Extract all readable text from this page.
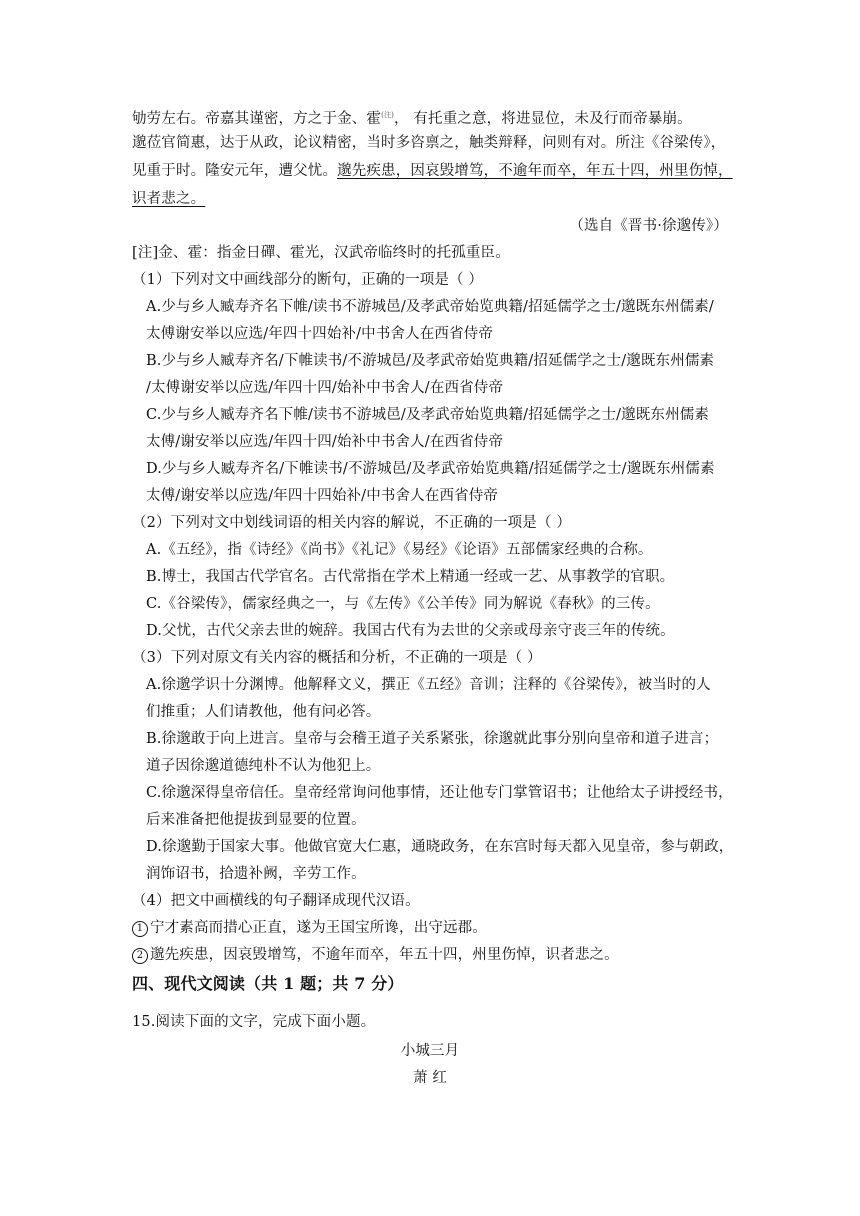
劬劳左右。帝嘉其谨密，方之于金、霍$^{(注)}$， 有托重之意，将进显位，未及行而帝暴崩。
邈莅官简惠，达于从政，论议精密，当时多咨禀之，触类辩释，问则有对。所注《谷梁传》，
见重于时。隆安元年，遭父忧。邈先疾患，因哀毁增笃，不逾年而卒，年五十四，州里伤悼，
识者悲之。
（选自《晋书·徐邈传》）
[注]金、霍：指金日磾、霍光，汉武帝临终时的托孤重臣。
（1）下列对文中画线部分的断句，正确的一项是（ ）
A.少与乡人臧寿齐名下帷/读书不游城邑/及孝武帝始览典籍/招延儒学之士/邈既东州儒素/
太傅谢安举以应选/年四十四始补/中书舍人在西省侍帝
B.少与乡人臧寿齐名/下帷读书/不游城邑/及孝武帝始览典籍/招延儒学之士/邈既东州儒素
/太傅谢安举以应选/年四十四/始补中书舍人/在西省侍帝
C.少与乡人臧寿齐名下帷/读书不游城邑/及孝武帝始览典籍/招延儒学之士/邈既东州儒素
太傅/谢安举以应选/年四十四/始补中书舍人/在西省侍帝
D.少与乡人臧寿齐名/下帷读书/不游城邑/及孝武帝始览典籍/招延儒学之士/邈既东州儒素
太傅/谢安举以应选/年四十四始补/中书舍人在西省侍帝
（2）下列对文中划线词语的相关内容的解说，不正确的一项是（ ）
A.《五经》，指《诗经》《尚书》《礼记》《易经》《论语》五部儒家经典的合称。
B.博士，我国古代学官名。古代常指在学术上精通一经或一艺、从事教学的官职。
C.《谷梁传》，儒家经典之一，与《左传》《公羊传》同为解说《春秋》的三传。
D.父忧，古代父亲去世的婉辞。我国古代有为去世的父亲或母亲守丧三年的传统。
（3）下列对原文有关内容的概括和分析，不正确的一项是（ ）
A.徐邈学识十分渊博。他解释文义，撰正《五经》音训；注释的《谷梁传》，被当时的人
们推重；人们请教他，他有问必答。
B.徐邈敢于向上进言。皇帝与会稽王道子关系紧张，徐邈就此事分别向皇帝和道子进言；
道子因徐邈道德纯朴不认为他犯上。
C.徐邈深得皇帝信任。皇帝经常询问他事情，还让他专门掌管诏书；让他给太子讲授经书，
后来准备把他提拔到显要的位置。
D.徐邈勤于国家大事。他做官宽大仁惠，通晓政务，在东宫时每天都入见皇帝，参与朝政，
润饰诏书，拾遗补阙，辛劳工作。
（4）把文中画横线的句子翻译成现代汉语。
1 宁才素高而措心正直，遂为王国宝所谗，出守远郡。
2 邈先疾患，因哀毁增笃，不逾年而卒，年五十四，州里伤悼，识者悲之。
四、现代文阅读（共 1 题；共 7 分）
15.阅读下面的文字，完成下面小题。
小城三月
萧 红
